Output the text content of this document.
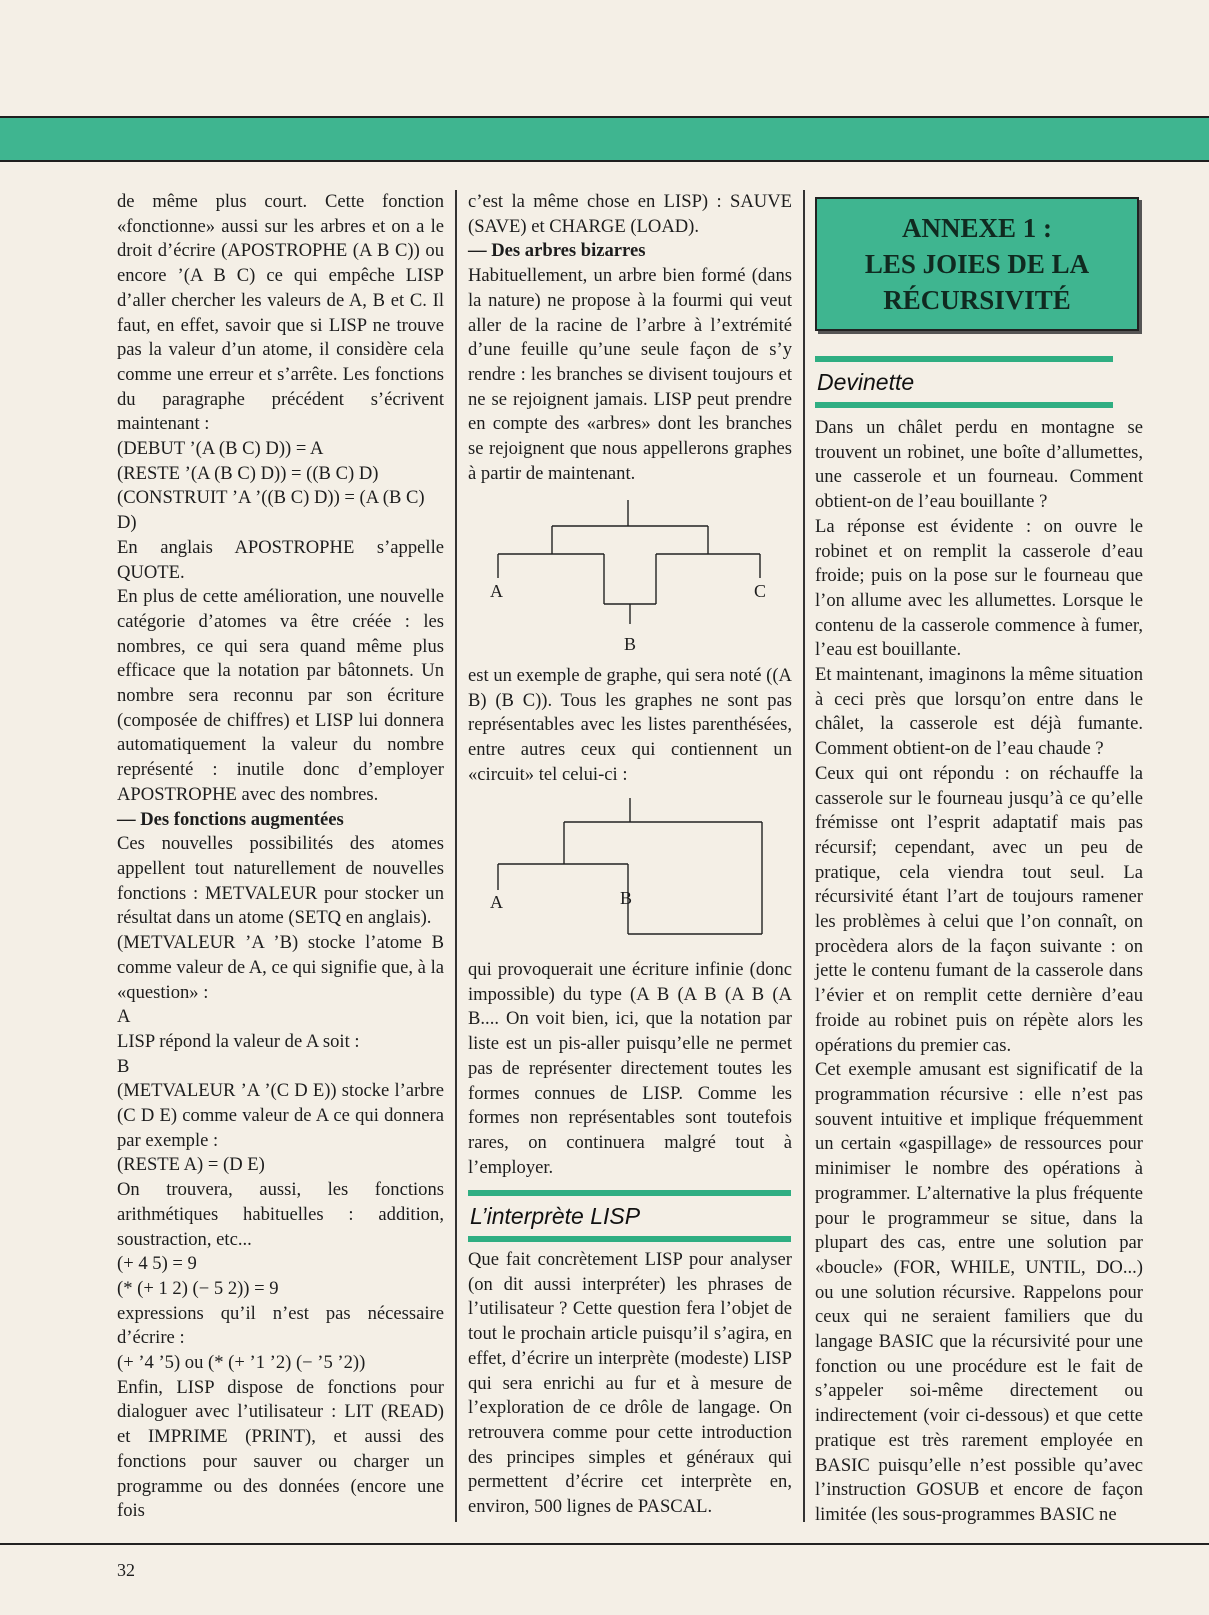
de même plus court. Cette fonction «fonctionne» aussi sur les arbres et on a le droit d’écrire (APOSTROPHE (A B C)) ou encore ’(A B C) ce qui empêche LISP d’aller chercher les valeurs de A, B et C. Il faut, en effet, savoir que si LISP ne trouve pas la valeur d’un atome, il considère cela comme une erreur et s’arrête. Les fonctions du paragraphe précédent s’écrivent maintenant :

(DEBUT ’(A (B C) D)) = A

(RESTE ’(A (B C) D)) = ((B C) D)

(CONSTRUIT ’A ’((B C) D)) = (A (B C) D)

En anglais APOSTROPHE s’appelle QUOTE.

En plus de cette amélioration, une nouvelle catégorie d’atomes va être créée : les nombres, ce qui sera quand même plus efficace que la notation par bâtonnets. Un nombre sera reconnu par son écriture (composée de chiffres) et LISP lui donnera automatiquement la valeur du nombre représenté : inutile donc d’employer APOSTROPHE avec des nombres.

— Des fonctions augmentées

Ces nouvelles possibilités des atomes appellent tout naturellement de nouvelles fonctions : METVALEUR pour stocker un résultat dans un atome (SETQ en anglais).

(METVALEUR ’A ’B) stocke l’atome B comme valeur de A, ce qui signifie que, à la «question» :

A

LISP répond la valeur de A soit :

B

(METVALEUR ’A ’(C D E)) stocke l’arbre (C D E) comme valeur de A ce qui donnera par exemple :

(RESTE A) = (D E)

On trouvera, aussi, les fonctions arithmétiques habituelles : addition, soustraction, etc...

(+ 4 5) = 9

(* (+ 1 2) (− 5 2)) = 9

expressions qu’il n’est pas nécessaire d’écrire :

(+ ’4 ’5) ou (* (+ ’1 ’2) (− ’5 ’2))

Enfin, LISP dispose de fonctions pour dialoguer avec l’utilisateur : LIT (READ) et IMPRIME (PRINT), et aussi des fonctions pour sauver ou charger un programme ou des données (encore une fois

c’est la même chose en LISP) : SAUVE (SAVE) et CHARGE (LOAD).

— Des arbres bizarres

Habituellement, un arbre bien formé (dans la nature) ne propose à la fourmi qui veut aller de la racine de l’arbre à l’extrémité d’une feuille qu’une seule façon de s’y rendre : les branches se divisent toujours et ne se rejoignent jamais. LISP peut prendre en compte des «arbres» dont les branches se rejoignent que nous appellerons graphes à partir de maintenant.

A	C
B

est un exemple de graphe, qui sera noté ((A B) (B C)). Tous les graphes ne sont pas représentables avec les listes parenthésées, entre autres ceux qui contiennent un «circuit» tel celui-ci :

A	B

qui provoquerait une écriture infinie (donc impossible) du type (A B (A B (A B (A B.... On voit bien, ici, que la notation par liste est un pis-aller puisqu’elle ne permet pas de représenter directement toutes les formes connues de LISP. Comme les formes non représentables sont toutefois rares, on continuera malgré tout à l’employer.

L’interprète LISP

Que fait concrètement LISP pour analyser (on dit aussi interpréter) les phrases de l’utilisateur ? Cette question fera l’objet de tout le prochain article puisqu’il s’agira, en effet, d’écrire un interprète (modeste) LISP qui sera enrichi au fur et à mesure de l’exploration de ce drôle de langage. On retrouvera comme pour cette introduction des principes simples et généraux qui permettent d’écrire cet interprète en, environ, 500 lignes de PASCAL.

ANNEXE 1 :
LES JOIES DE LA
RÉCURSIVITÉ
Devinette

Dans un châlet perdu en montagne se trouvent un robinet, une boîte d’allumettes, une casserole et un fourneau. Comment obtient-on de l’eau bouillante ?

La réponse est évidente : on ouvre le robinet et on remplit la casserole d’eau froide; puis on la pose sur le fourneau que l’on allume avec les allumettes. Lorsque le contenu de la casserole commence à fumer, l’eau est bouillante.

Et maintenant, imaginons la même situation à ceci près que lorsqu’on entre dans le châlet, la casserole est déjà fumante. Comment obtient-on de l’eau chaude ?

Ceux qui ont répondu : on réchauffe la casserole sur le fourneau jusqu’à ce qu’elle frémisse ont l’esprit adaptatif mais pas récursif; cependant, avec un peu de pratique, cela viendra tout seul. La récursivité étant l’art de toujours ramener les problèmes à celui que l’on connaît, on procèdera alors de la façon suivante : on jette le contenu fumant de la casserole dans l’évier et on remplit cette dernière d’eau froide au robinet puis on répète alors les opérations du premier cas.

Cet exemple amusant est significatif de la programmation récursive : elle n’est pas souvent intuitive et implique fréquemment un certain «gaspillage» de ressources pour minimiser le nombre des opérations à programmer. L’alternative la plus fréquente pour le programmeur se situe, dans la plupart des cas, entre une solution par «boucle» (FOR, WHILE, UNTIL, DO...) ou une solution récursive. Rappelons pour ceux qui ne seraient familiers que du langage BASIC que la récursivité pour une fonction ou une procédure est le fait de s’appeler soi-même directement ou indirectement (voir ci-dessous) et que cette pratique est très rarement employée en BASIC puisqu’elle n’est possible qu’avec l’instruction GOSUB et encore de façon limitée (les sous-programmes BASIC ne

32
